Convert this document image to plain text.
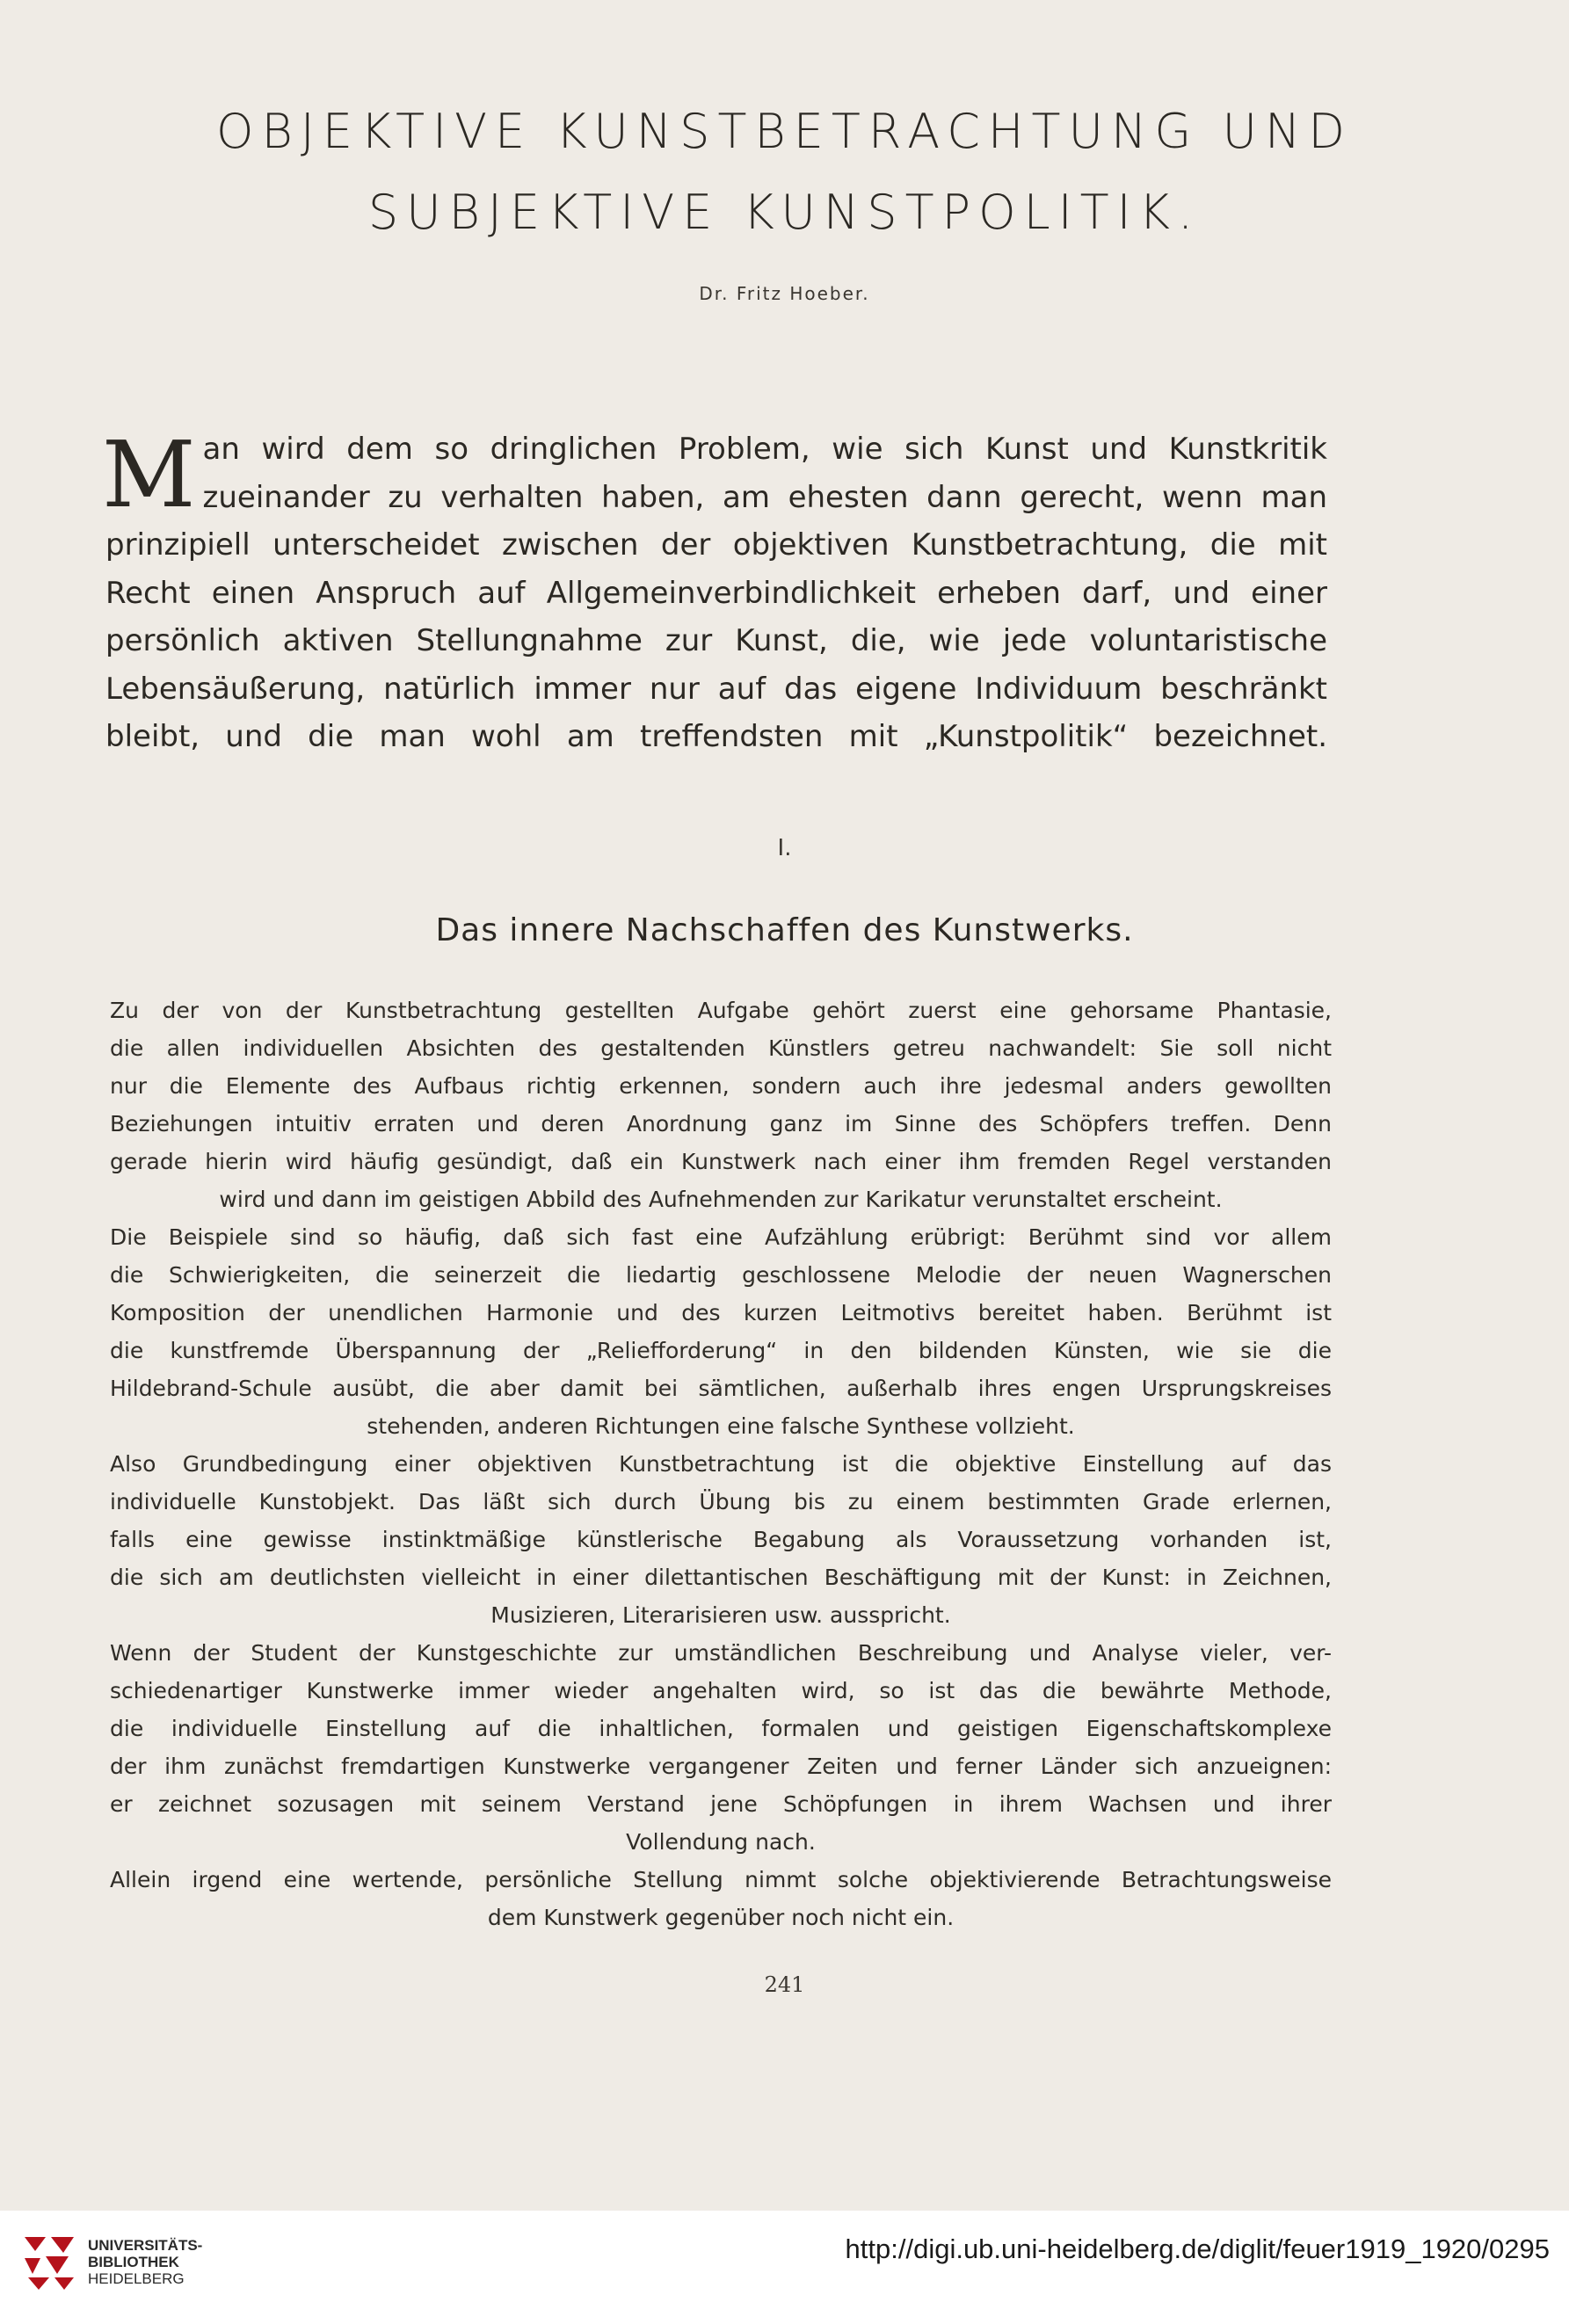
OBJEKTIVE KUNSTBETRACHTUNG UND
SUBJEKTIVE KUNSTPOLITIK.
Dr. Fritz Hoeber.
M an wird dem so dringlichen Problem, wie sich Kunst und Kunstkritik
zueinander zu verhalten haben, am ehesten dann gerecht, wenn man
prinzipiell unterscheidet zwischen der objektiven Kunstbetrachtung, die mit
Recht einen Anspruch auf Allgemeinverbindlichkeit erheben darf, und einer
persönlich aktiven Stellungnahme zur Kunst, die, wie jede voluntaristische
Lebensäußerung, natürlich immer nur auf das eigene Individuum beschränkt
bleibt, und die man wohl am treffendsten mit „Kunstpolitik“ bezeichnet.
I.
Das innere Nachschaffen des Kunstwerks.
Zu der von der Kunstbetrachtung gestellten Aufgabe gehört zuerst eine gehorsame Phantasie,
die allen individuellen Absichten des gestaltenden Künstlers getreu nachwandelt: Sie soll nicht
nur die Elemente des Aufbaus richtig erkennen, sondern auch ihre jedesmal anders gewollten
Beziehungen intuitiv erraten und deren Anordnung ganz im Sinne des Schöpfers treffen. Denn
gerade hierin wird häufig gesündigt, daß ein Kunstwerk nach einer ihm fremden Regel verstanden
wird und dann im geistigen Abbild des Aufnehmenden zur Karikatur verunstaltet erscheint.
Die Beispiele sind so häufig, daß sich fast eine Aufzählung erübrigt: Berühmt sind vor allem
die Schwierigkeiten, die seinerzeit die liedartig geschlossene Melodie der neuen Wagnerschen
Komposition der unendlichen Harmonie und des kurzen Leitmotivs bereitet haben. Berühmt ist
die kunstfremde Überspannung der „Reliefforderung“ in den bildenden Künsten, wie sie die
Hildebrand-Schule ausübt, die aber damit bei sämtlichen, außerhalb ihres engen Ursprungskreises
stehenden, anderen Richtungen eine falsche Synthese vollzieht.
Also Grundbedingung einer objektiven Kunstbetrachtung ist die objektive Einstellung auf das
individuelle Kunstobjekt. Das läßt sich durch Übung bis zu einem bestimmten Grade erlernen,
falls eine gewisse instinktmäßige künstlerische Begabung als Voraussetzung vorhanden ist,
die sich am deutlichsten vielleicht in einer dilettantischen Beschäftigung mit der Kunst: in Zeichnen,
Musizieren, Literarisieren usw. ausspricht.
Wenn der Student der Kunstgeschichte zur umständlichen Beschreibung und Analyse vieler, ver-
schiedenartiger Kunstwerke immer wieder angehalten wird, so ist das die bewährte Methode,
die individuelle Einstellung auf die inhaltlichen, formalen und geistigen Eigenschaftskomplexe
der ihm zunächst fremdartigen Kunstwerke vergangener Zeiten und ferner Länder sich anzueignen:
er zeichnet sozusagen mit seinem Verstand jene Schöpfungen in ihrem Wachsen und ihrer
Vollendung nach.
Allein irgend eine wertende, persönliche Stellung nimmt solche objektivierende Betrachtungsweise
dem Kunstwerk gegenüber noch nicht ein.
241
UNIVERSITÄTS-
BIBLIOTHEK
HEIDELBERG
http://digi.ub.uni-heidelberg.de/diglit/feuer1919_1920/0295
